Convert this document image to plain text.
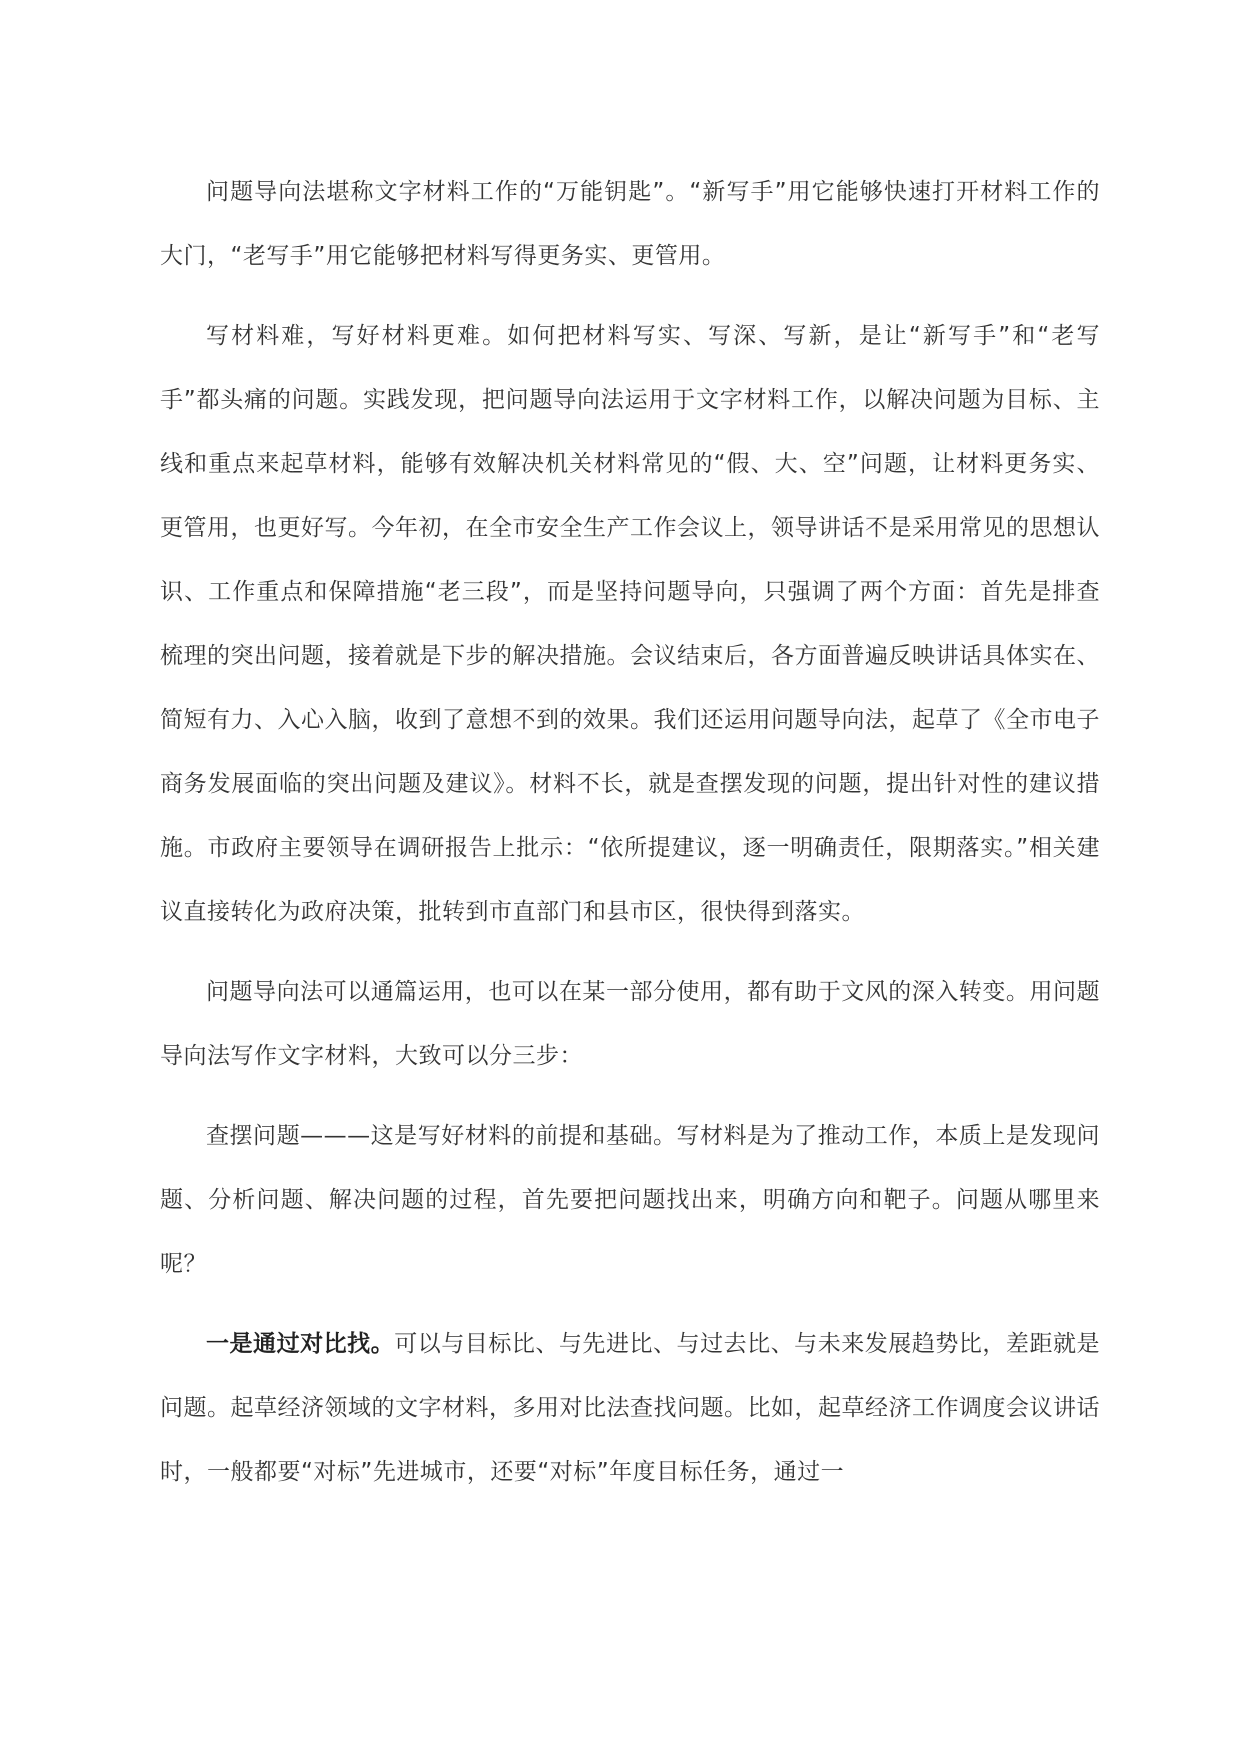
问题导向法堪称文字材料工作的“万能钥匙”。“新写手”用它能够快速打开材料工作的大门，“老写手”用它能够把材料写得更务实、更管用。

写材料难，写好材料更难。如何把材料写实、写深、写新，是让“新写手”和“老写手”都头痛的问题。实践发现，把问题导向法运用于文字材料工作，以解决问题为目标、主线和重点来起草材料，能够有效解决机关材料常见的“假、大、空”问题，让材料更务实、更管用，也更好写。今年初，在全市安全生产工作会议上，领导讲话不是采用常见的思想认识、工作重点和保障措施“老三段”，而是坚持问题导向，只强调了两个方面：首先是排查梳理的突出问题，接着就是下步的解决措施。会议结束后，各方面普遍反映讲话具体实在、简短有力、入心入脑，收到了意想不到的效果。我们还运用问题导向法，起草了《全市电子商务发展面临的突出问题及建议》。材料不长，就是查摆发现的问题，提出针对性的建议措施。市政府主要领导在调研报告上批示：“依所提建议，逐一明确责任，限期落实。”相关建议直接转化为政府决策，批转到市直部门和县市区，很快得到落实。

问题导向法可以通篇运用，也可以在某一部分使用，都有助于文风的深入转变。用问题导向法写作文字材料，大致可以分三步：

查摆问题———这是写好材料的前提和基础。写材料是为了推动工作，本质上是发现问题、分析问题、解决问题的过程，首先要把问题找出来，明确方向和靶子。问题从哪里来呢？

一是通过对比找。可以与目标比、与先进比、与过去比、与未来发展趋势比，差距就是问题。起草经济领域的文字材料，多用对比法查找问题。比如，起草经济工作调度会议讲话时，一般都要“对标”先进城市，还要“对标”年度目标任务，通过一
